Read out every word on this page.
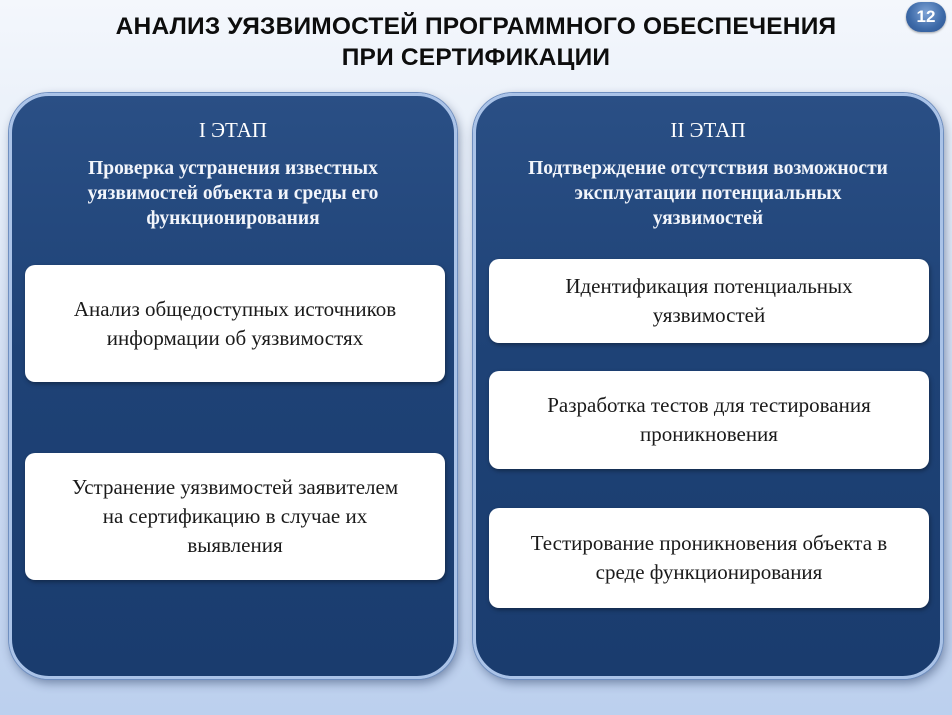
АНАЛИЗ УЯЗВИМОСТЕЙ ПРОГРАММНОГО ОБЕСПЕЧЕНИЯ
ПРИ СЕРТИФИКАЦИИ
12
I ЭТАП

Проверка устранения известных
уязвимостей объекта и среды его
функционирования

Анализ общедоступных источников
информации об уязвимостях
Устранение уязвимостей заявителем
на сертификацию в случае их
выявления
II ЭТАП

Подтверждение отсутствия возможности
эксплуатации потенциальных
уязвимостей

Идентификация потенциальных
уязвимостей
Разработка тестов для тестирования
проникновения
Тестирование проникновения объекта в
среде функционирования
